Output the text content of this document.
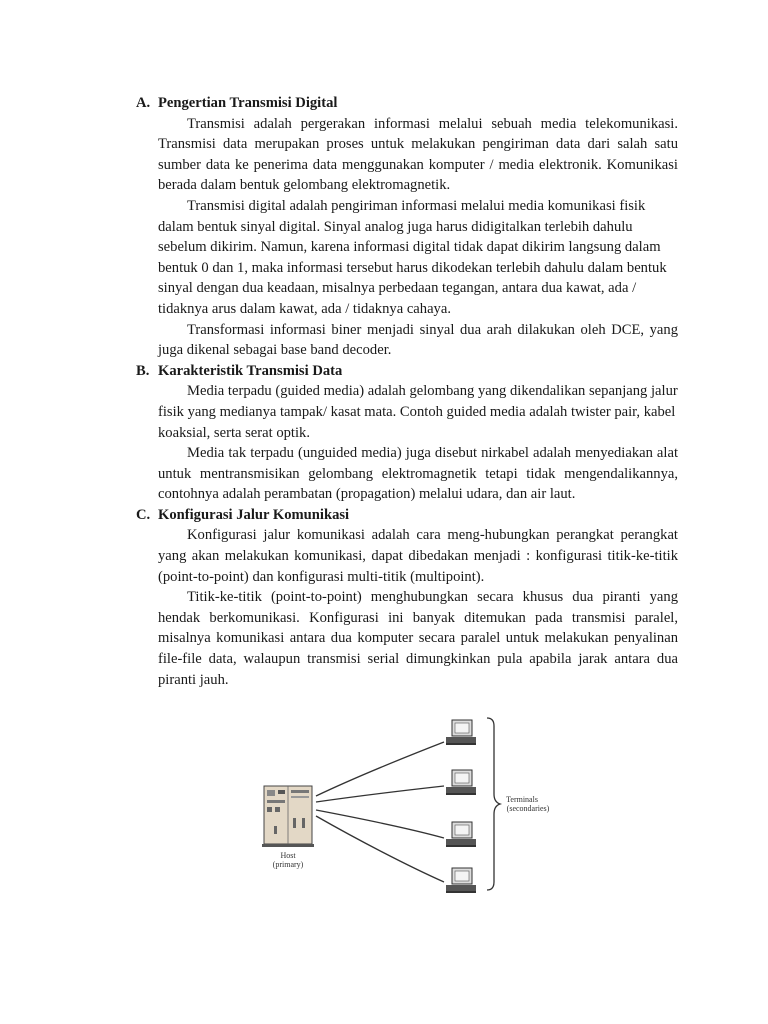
A. Pengertian Transmisi Digital

Transmisi adalah pergerakan informasi melalui sebuah media telekomunikasi. Transmisi data merupakan proses untuk melakukan pengiriman data dari salah satu sumber data ke penerima data menggunakan komputer / media elektronik. Komunikasi berada dalam bentuk gelombang elektromagnetik.

Transmisi digital adalah pengiriman informasi melalui media komunikasi fisik dalam bentuk sinyal digital. Sinyal analog juga harus didigitalkan terlebih dahulu sebelum dikirim. Namun, karena informasi digital tidak dapat dikirim langsung dalam bentuk 0 dan 1, maka informasi tersebut harus dikodekan terlebih dahulu dalam bentuk sinyal dengan dua keadaan, misalnya perbedaan tegangan, antara dua kawat, ada / tidaknya arus dalam kawat, ada / tidaknya cahaya.

Transformasi informasi biner menjadi sinyal dua arah dilakukan oleh DCE, yang juga dikenal sebagai base band decoder.

B. Karakteristik Transmisi Data

Media terpadu (guided media) adalah gelombang yang dikendalikan sepanjang jalur fisik yang medianya tampak/ kasat mata. Contoh guided media adalah twister pair, kabel koaksial, serta serat optik.

Media tak terpadu (unguided media) juga disebut nirkabel adalah menyediakan alat untuk mentransmisikan gelombang elektromagnetik tetapi tidak mengendalikannya, contohnya adalah perambatan (propagation) melalui udara, dan air laut.

C. Konfigurasi Jalur Komunikasi

Konfigurasi jalur komunikasi adalah cara meng-hubungkan perangkat perangkat yang akan melakukan komunikasi, dapat dibedakan menjadi : konfigurasi titik-ke-titik (point-to-point) dan konfigurasi multi-titik (multipoint).

Titik-ke-titik (point-to-point) menghubungkan secara khusus dua piranti yang hendak berkomunikasi. Konfigurasi ini banyak ditemukan pada transmisi paralel, misalnya komunikasi antara dua komputer secara paralel untuk melakukan penyalinan file-file data, walaupun transmisi serial dimungkinkan pula apabila jarak antara dua piranti jauh.

Host
(primary)
Terminals
(secondaries)
